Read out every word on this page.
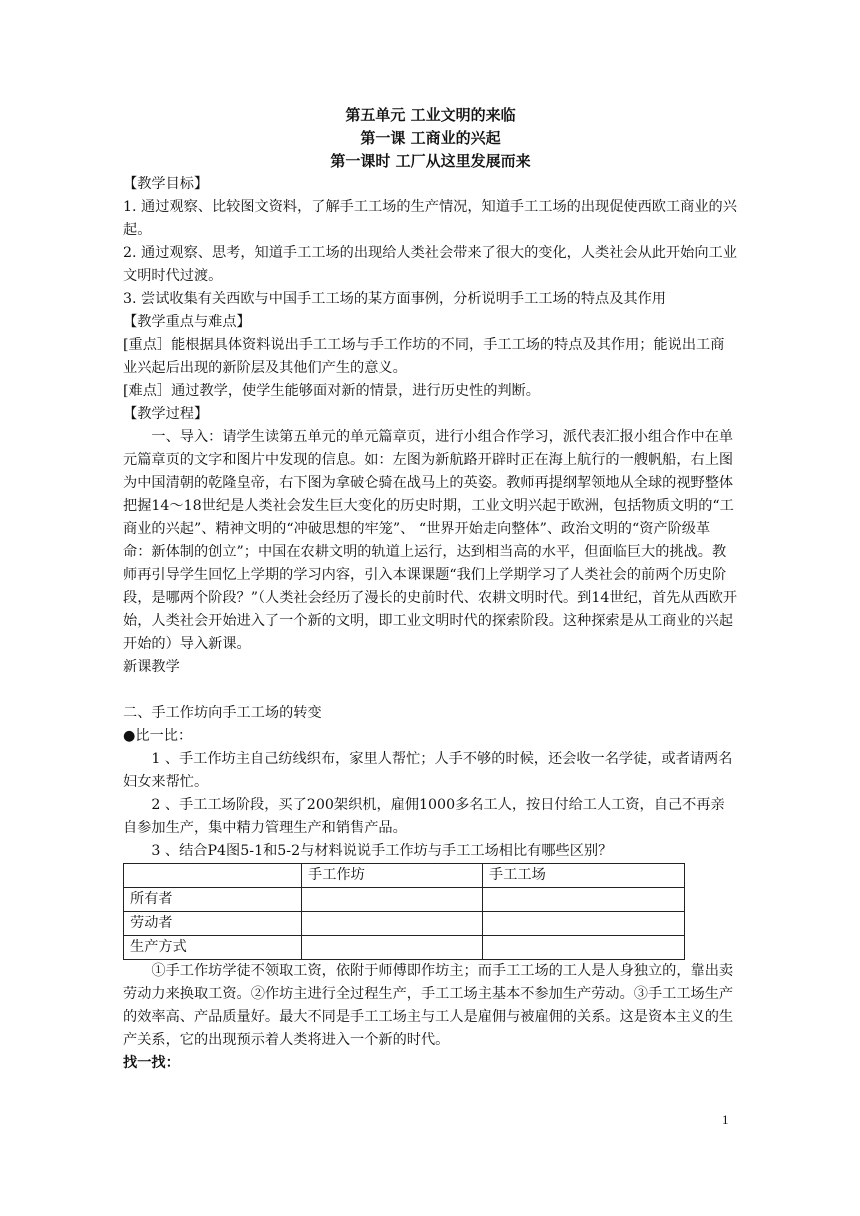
第五单元 工业文明的来临

第一课 工商业的兴起

第一课时 工厂从这里发展而来

【教学目标】

1. 通过观察、比较图文资料，了解手工工场的生产情况，知道手工工场的出现促使西欧工商业的兴起。

2. 通过观察、思考，知道手工工场的出现给人类社会带来了很大的变化，人类社会从此开始向工业文明时代过渡。

3. 尝试收集有关西欧与中国手工工场的某方面事例，分析说明手工工场的特点及其作用

【教学重点与难点】

[重点］能根据具体资料说出手工工场与手工作坊的不同，手工工场的特点及其作用；能说出工商业兴起后出现的新阶层及其他们产生的意义。

[难点］通过教学，使学生能够面对新的情景，进行历史性的判断。

【教学过程】

一、导入：请学生读第五单元的单元篇章页，进行小组合作学习，派代表汇报小组合作中在单元篇章页的文字和图片中发现的信息。如：左图为新航路开辟时正在海上航行的一艘帆船，右上图为中国清朝的乾隆皇帝，右下图为拿破仑骑在战马上的英姿。教师再提纲挈领地从全球的视野整体把握14～18世纪是人类社会发生巨大变化的历史时期，工业文明兴起于欧洲，包括物质文明的“工商业的兴起”、精神文明的“冲破思想的牢笼”、 “世界开始走向整体”、政治文明的“资产阶级革命：新体制的创立”；中国在农耕文明的轨道上运行，达到相当高的水平，但面临巨大的挑战。教师再引导学生回忆上学期的学习内容，引入本课课题“我们上学期学习了人类社会的前两个历史阶段，是哪两个阶段？”（人类社会经历了漫长的史前时代、农耕文明时代。到14世纪，首先从西欧开始，人类社会开始进入了一个新的文明，即工业文明时代的探索阶段。这种探索是从工商业的兴起开始的）导入新课。

新课教学

二、手工作坊向手工工场的转变

●比一比：

1 、手工作坊主自己纺线织布，家里人帮忙；人手不够的时候，还会收一名学徒，或者请两名妇女来帮忙。

2 、手工工场阶段，买了200架织机，雇佣1000多名工人，按日付给工人工资，自己不再亲自参加生产，集中精力管理生产和销售产品。

3 、结合P4图5-1和5-2与材料说说手工作坊与手工工场相比有哪些区别？

	手工作坊	手工工场
所有者		
劳动者		
生产方式		

①手工作坊学徒不领取工资，依附于师傅即作坊主；而手工工场的工人是人身独立的，靠出卖劳动力来换取工资。②作坊主进行全过程生产，手工工场主基本不参加生产劳动。③手工工场生产的效率高、产品质量好。最大不同是手工工场主与工人是雇佣与被雇佣的关系。这是资本主义的生产关系，它的出现预示着人类将进入一个新的时代。

找一找：

1
